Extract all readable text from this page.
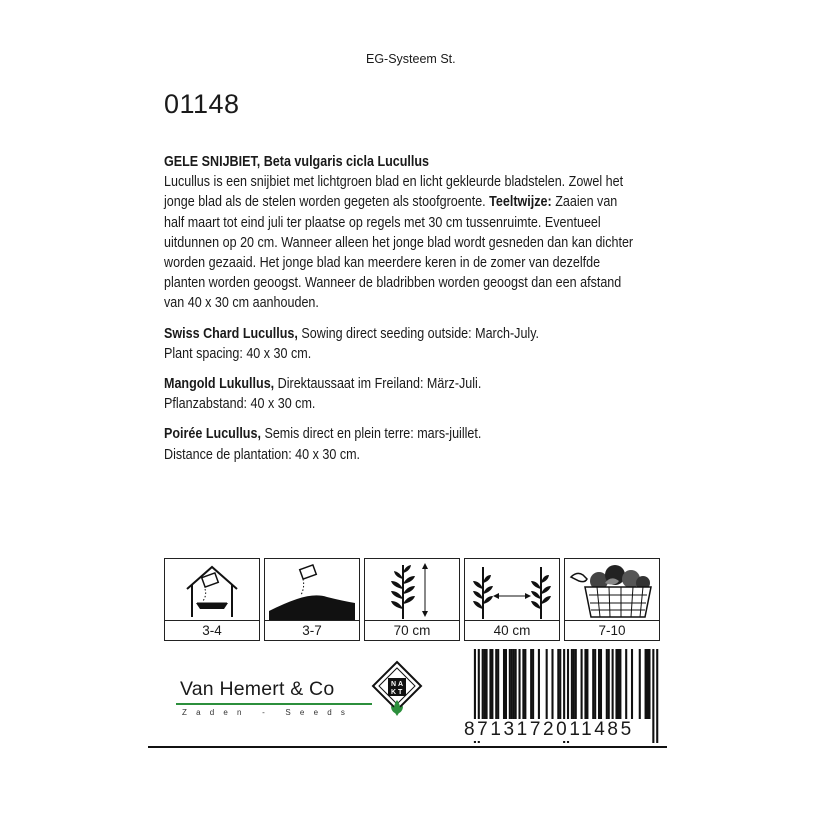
EG-Systeem St.
01148

GELE SNIJBIET, Beta vulgaris cicla Lucullus
Lucullus is een snijbiet met lichtgroen blad en licht gekleurde bladstelen. Zowel het
jonge blad als de stelen worden gegeten als stoofgroente. Teeltwijze: Zaaien van
half maart tot eind juli ter plaatse op regels met 30 cm tussenruimte. Eventueel
uitdunnen op 20 cm. Wanneer alleen het jonge blad wordt gesneden dan kan dichter
worden gezaaid. Het jonge blad kan meerdere keren in de zomer van dezelfde
planten worden geoogst. Wanneer de bladribben worden geoogst dan een afstand
van 40 x 30 cm aanhouden.

Swiss Chard Lucullus, Sowing direct seeding outside: March-July.
Plant spacing: 40 x 30 cm.

Mangold Lukullus, Direktaussaat im Freiland: März-Juli.
Pflanzabstand: 40 x 30 cm.

Poirée Lucullus, Semis direct en plein terre: mars-juillet.
Distance de plantation: 40 x 30 cm.

3-4	3-7	70 cm	40 cm	7-10
Van Hemert & Co
Zaden - Seeds
N A
K T
8713172011485
